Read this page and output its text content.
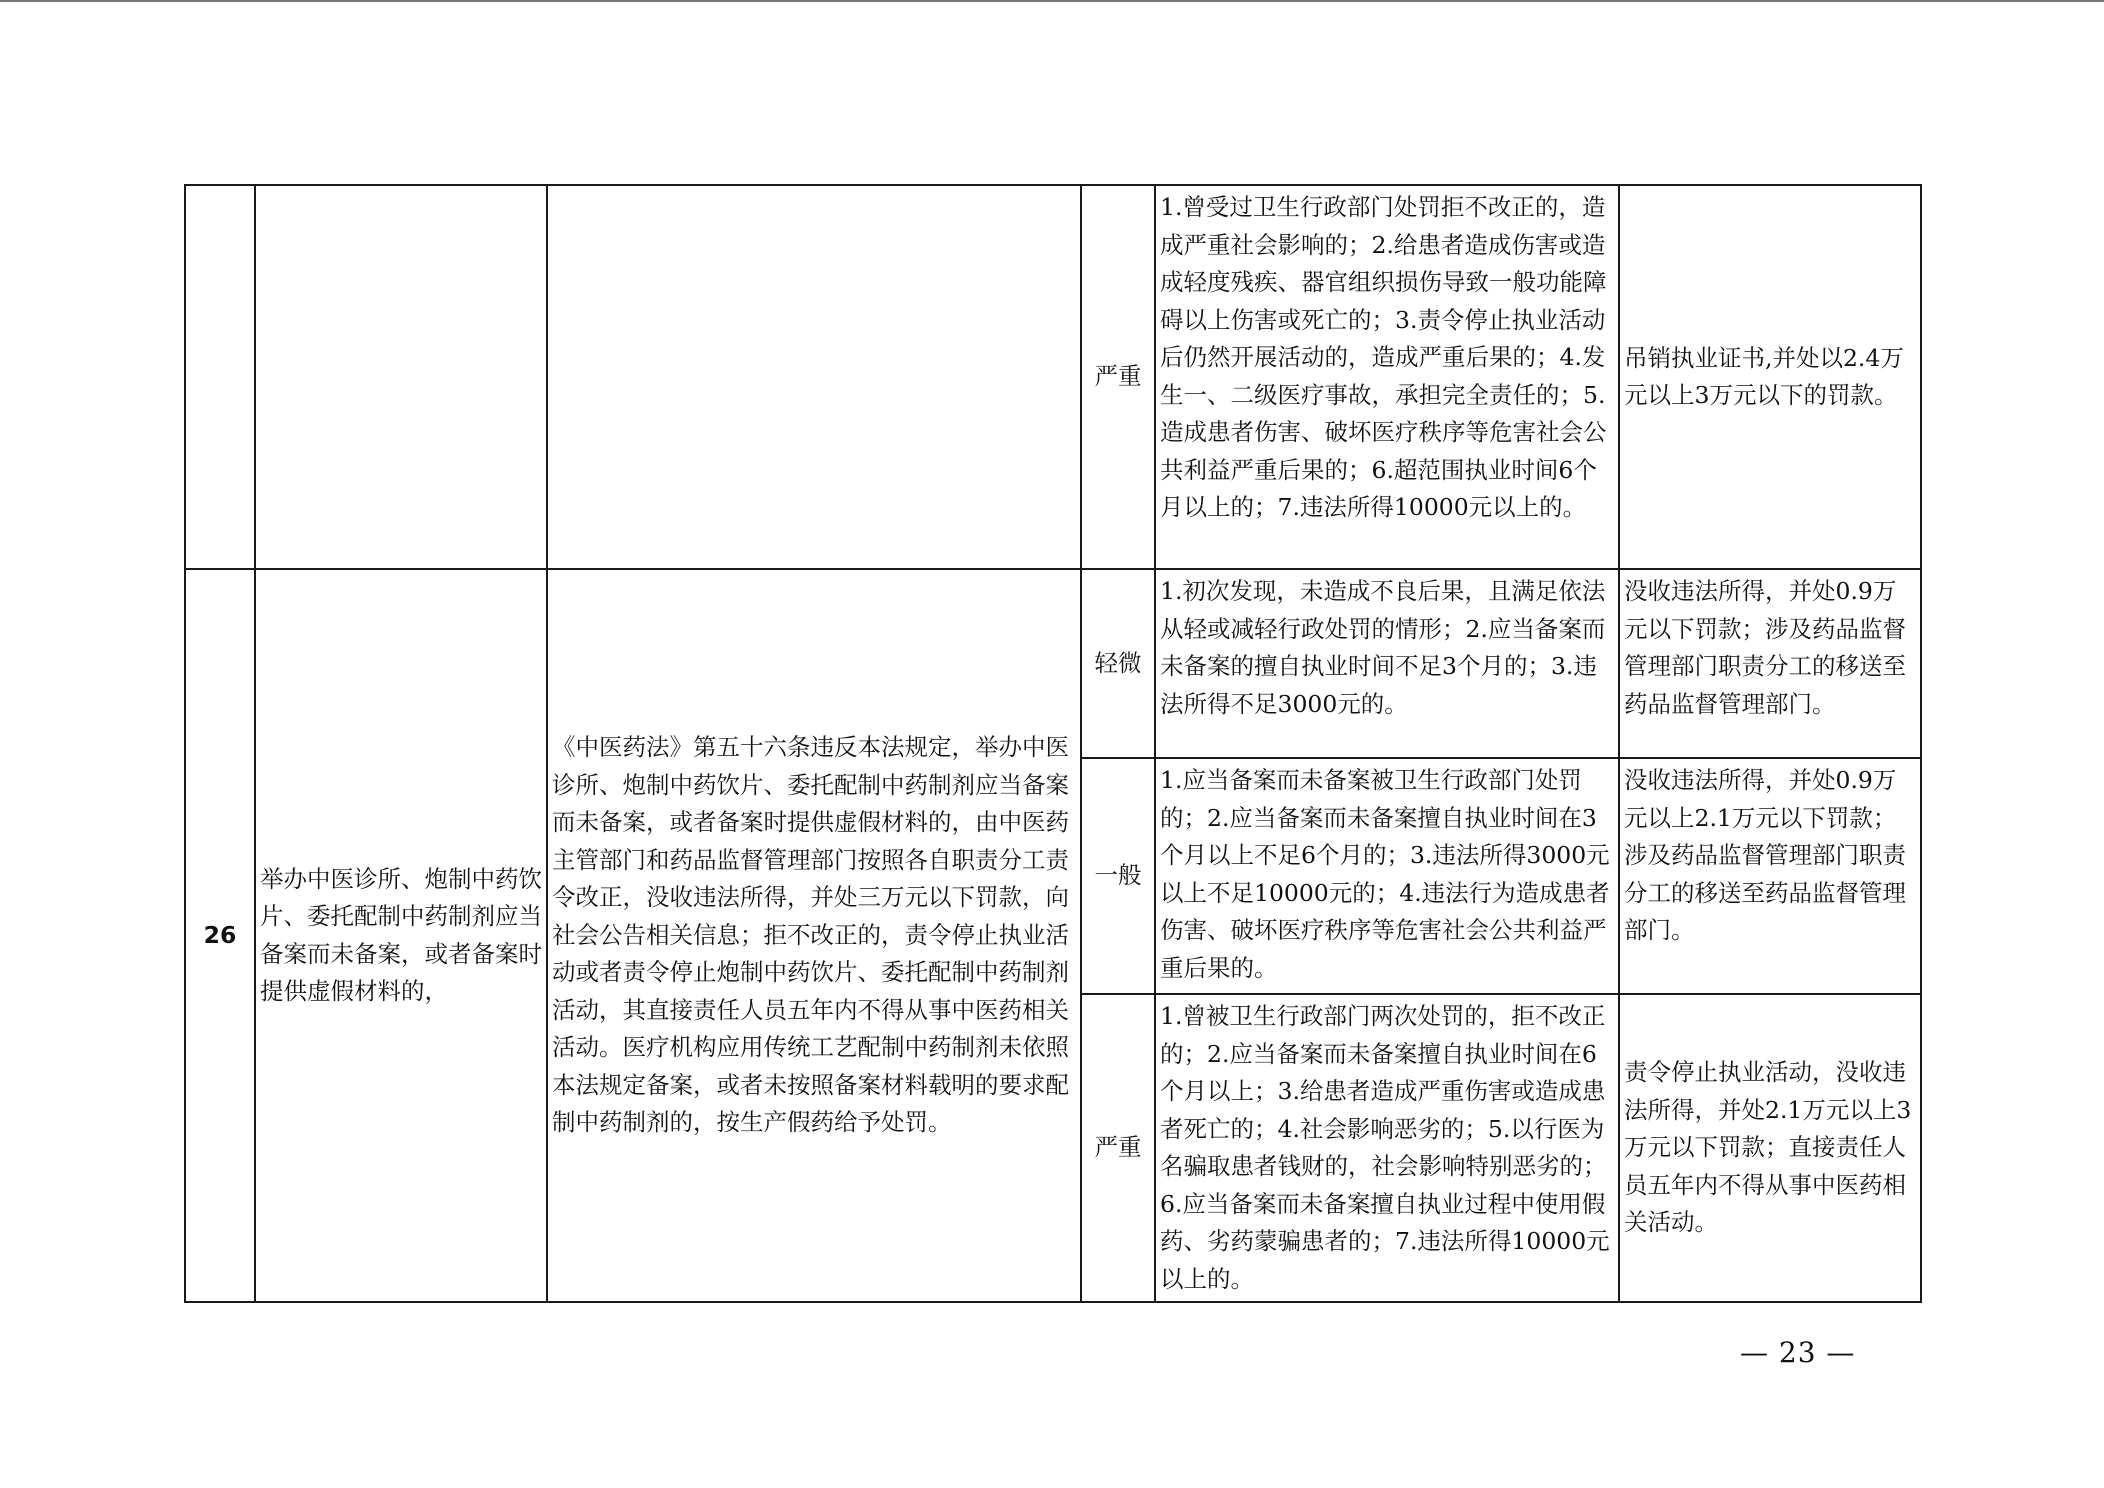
			严重	1.曾受过卫生行政部门处罚拒不改正的，造成严重社会影响的；2.给患者造成伤害或造成轻度残疾、器官组织损伤导致一般功能障碍以上伤害或死亡的；3.责令停止执业活动后仍然开展活动的，造成严重后果的；4.发生一、二级医疗事故，承担完全责任的；5.造成患者伤害、破坏医疗秩序等危害社会公共利益严重后果的；6.超范围执业时间6个月以上的；7.违法所得10000元以上的。	吊销执业证书,并处以2.4万元以上3万元以下的罚款。
26	举办中医诊所、炮制中药饮片、委托配制中药制剂应当备案而未备案，或者备案时提供虚假材料的，	《中医药法》第五十六条违反本法规定，举办中医诊所、炮制中药饮片、委托配制中药制剂应当备案而未备案，或者备案时提供虚假材料的，由中医药主管部门和药品监督管理部门按照各自职责分工责令改正，没收违法所得，并处三万元以下罚款，向社会公告相关信息；拒不改正的，责令停止执业活动或者责令停止炮制中药饮片、委托配制中药制剂活动，其直接责任人员五年内不得从事中医药相关活动。医疗机构应用传统工艺配制中药制剂未依照本法规定备案，或者未按照备案材料载明的要求配制中药制剂的，按生产假药给予处罚。	轻微	1.初次发现，未造成不良后果，且满足依法从轻或减轻行政处罚的情形；2.应当备案而未备案的擅自执业时间不足3个月的；3.违法所得不足3000元的。	没收违法所得，并处0.9万元以下罚款；涉及药品监督管理部门职责分工的移送至药品监督管理部门。
			一般	1.应当备案而未备案被卫生行政部门处罚的；2.应当备案而未备案擅自执业时间在3个月以上不足6个月的；3.违法所得3000元以上不足10000元的；4.违法行为造成患者伤害、破坏医疗秩序等危害社会公共利益严重后果的。	没收违法所得，并处0.9万元以上2.1万元以下罚款；涉及药品监督管理部门职责分工的移送至药品监督管理部门。
			严重	1.曾被卫生行政部门两次处罚的，拒不改正的；2.应当备案而未备案擅自执业时间在6个月以上；3.给患者造成严重伤害或造成患者死亡的；4.社会影响恶劣的；5.以行医为名骗取患者钱财的，社会影响特别恶劣的；6.应当备案而未备案擅自执业过程中使用假药、劣药蒙骗患者的；7.违法所得10000元以上的。	责令停止执业活动，没收违法所得，并处2.1万元以上3万元以下罚款；直接责任人员五年内不得从事中医药相关活动。
— 23 —
